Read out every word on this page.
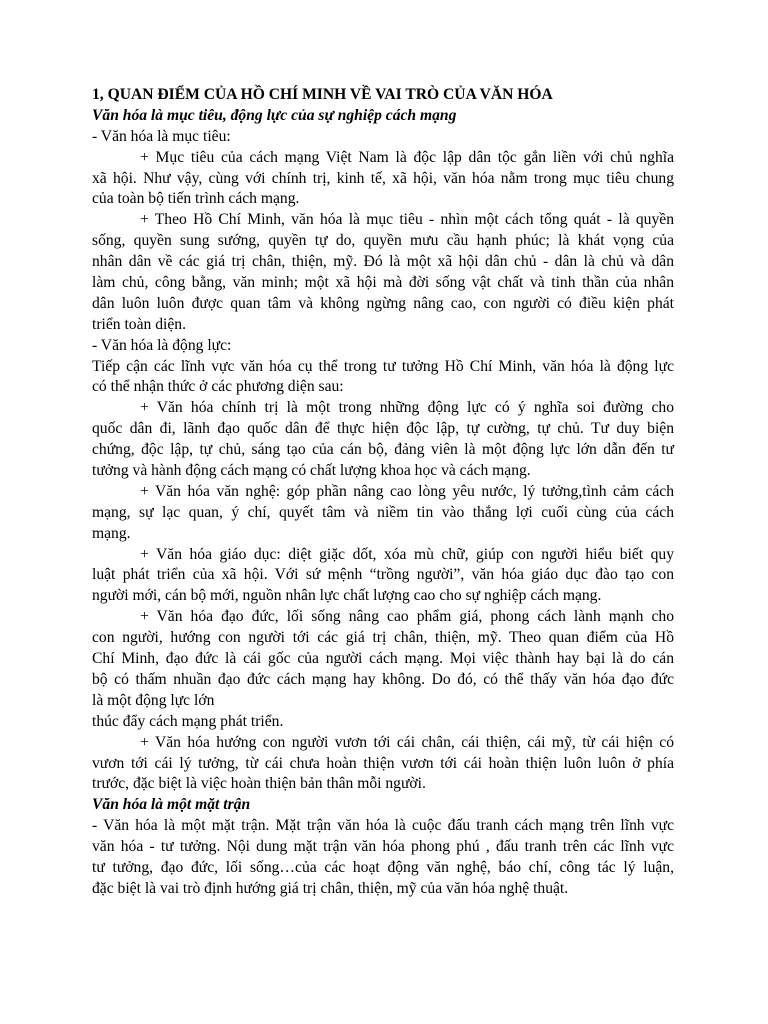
1, QUAN ĐIỂM CỦA HỒ CHÍ MINH VỀ VAI TRÒ CỦA VĂN HÓA
Văn hóa là mục tiêu, động lực của sự nghiệp cách mạng
- Văn hóa là mục tiêu:
+ Mục tiêu của cách mạng Việt Nam là độc lập dân tộc gắn liền với chủ nghĩa
xã hội. Như vậy, cùng với chính trị, kinh tế, xã hội, văn hóa nằm trong mục tiêu chung
của toàn bộ tiến trình cách mạng.
+ Theo Hồ Chí Minh, văn hóa là mục tiêu - nhìn một cách tổng quát - là quyền
sống, quyền sung sướng, quyền tự do, quyền mưu cầu hạnh phúc; là khát vọng của
nhân dân về các giá trị chân, thiện, mỹ. Đó là một xã hội dân chủ - dân là chủ và dân
làm chủ, công bằng, văn minh; một xã hội mà đời sống vật chất và tinh thần của nhân
dân luôn luôn được quan tâm và không ngừng nâng cao, con người có điều kiện phát
triển toàn diện.
- Văn hóa là động lực:
Tiếp cận các lĩnh vực văn hóa cụ thể trong tư tưởng Hồ Chí Minh, văn hóa là động lực
có thể nhận thức ở các phương diện sau:
+ Văn hóa chính trị là một trong những động lực có ý nghĩa soi đường cho
quốc dân đi, lãnh đạo quốc dân để thực hiện độc lập, tự cường, tự chủ. Tư duy biện
chứng, độc lập, tự chủ, sáng tạo của cán bộ, đảng viên là một động lực lớn dẫn đến tư
tưởng và hành động cách mạng có chất lượng khoa học và cách mạng.
+ Văn hóa văn nghệ: góp phần nâng cao lòng yêu nước, lý tưởng,tình cảm cách
mạng, sự lạc quan, ý chí, quyết tâm và niềm tin vào thắng lợi cuối cùng của cách
mạng.
+ Văn hóa giáo dục: diệt giặc dốt, xóa mù chữ, giúp con người hiểu biết quy
luật phát triển của xã hội. Với sứ mệnh “trồng người”, văn hóa giáo dục đào tạo con
người mới, cán bộ mới, nguồn nhân lực chất lượng cao cho sự nghiệp cách mạng.
+ Văn hóa đạo đức, lối sống nâng cao phẩm giá, phong cách lành mạnh cho
con người, hướng con người tới các giá trị chân, thiện, mỹ. Theo quan điểm của Hồ
Chí Minh, đạo đức là cái gốc của người cách mạng. Mọi việc thành hay bại là do cán
bộ có thấm nhuần đạo đức cách mạng hay không. Do đó, có thể thấy văn hóa đạo đức
là một động lực lớn
thúc đẩy cách mạng phát triển.
+ Văn hóa hướng con người vươn tới cái chân, cái thiện, cái mỹ, từ cái hiện có
vươn tới cái lý tưởng, từ cái chưa hoàn thiện vươn tới cái hoàn thiện luôn luôn ở phía
trước, đặc biệt là việc hoàn thiện bản thân mỗi người.
Văn hóa là một mặt trận
- Văn hóa là một mặt trận. Mặt trận văn hóa là cuộc đấu tranh cách mạng trên lĩnh vực
văn hóa - tư tưởng. Nội dung mặt trận văn hóa phong phú , đấu tranh trên các lĩnh vực
tư tưởng, đạo đức, lối sống…của các hoạt động văn nghệ, báo chí, công tác lý luận,
đặc biệt là vai trò định hướng giá trị chân, thiện, mỹ của văn hóa nghệ thuật.
